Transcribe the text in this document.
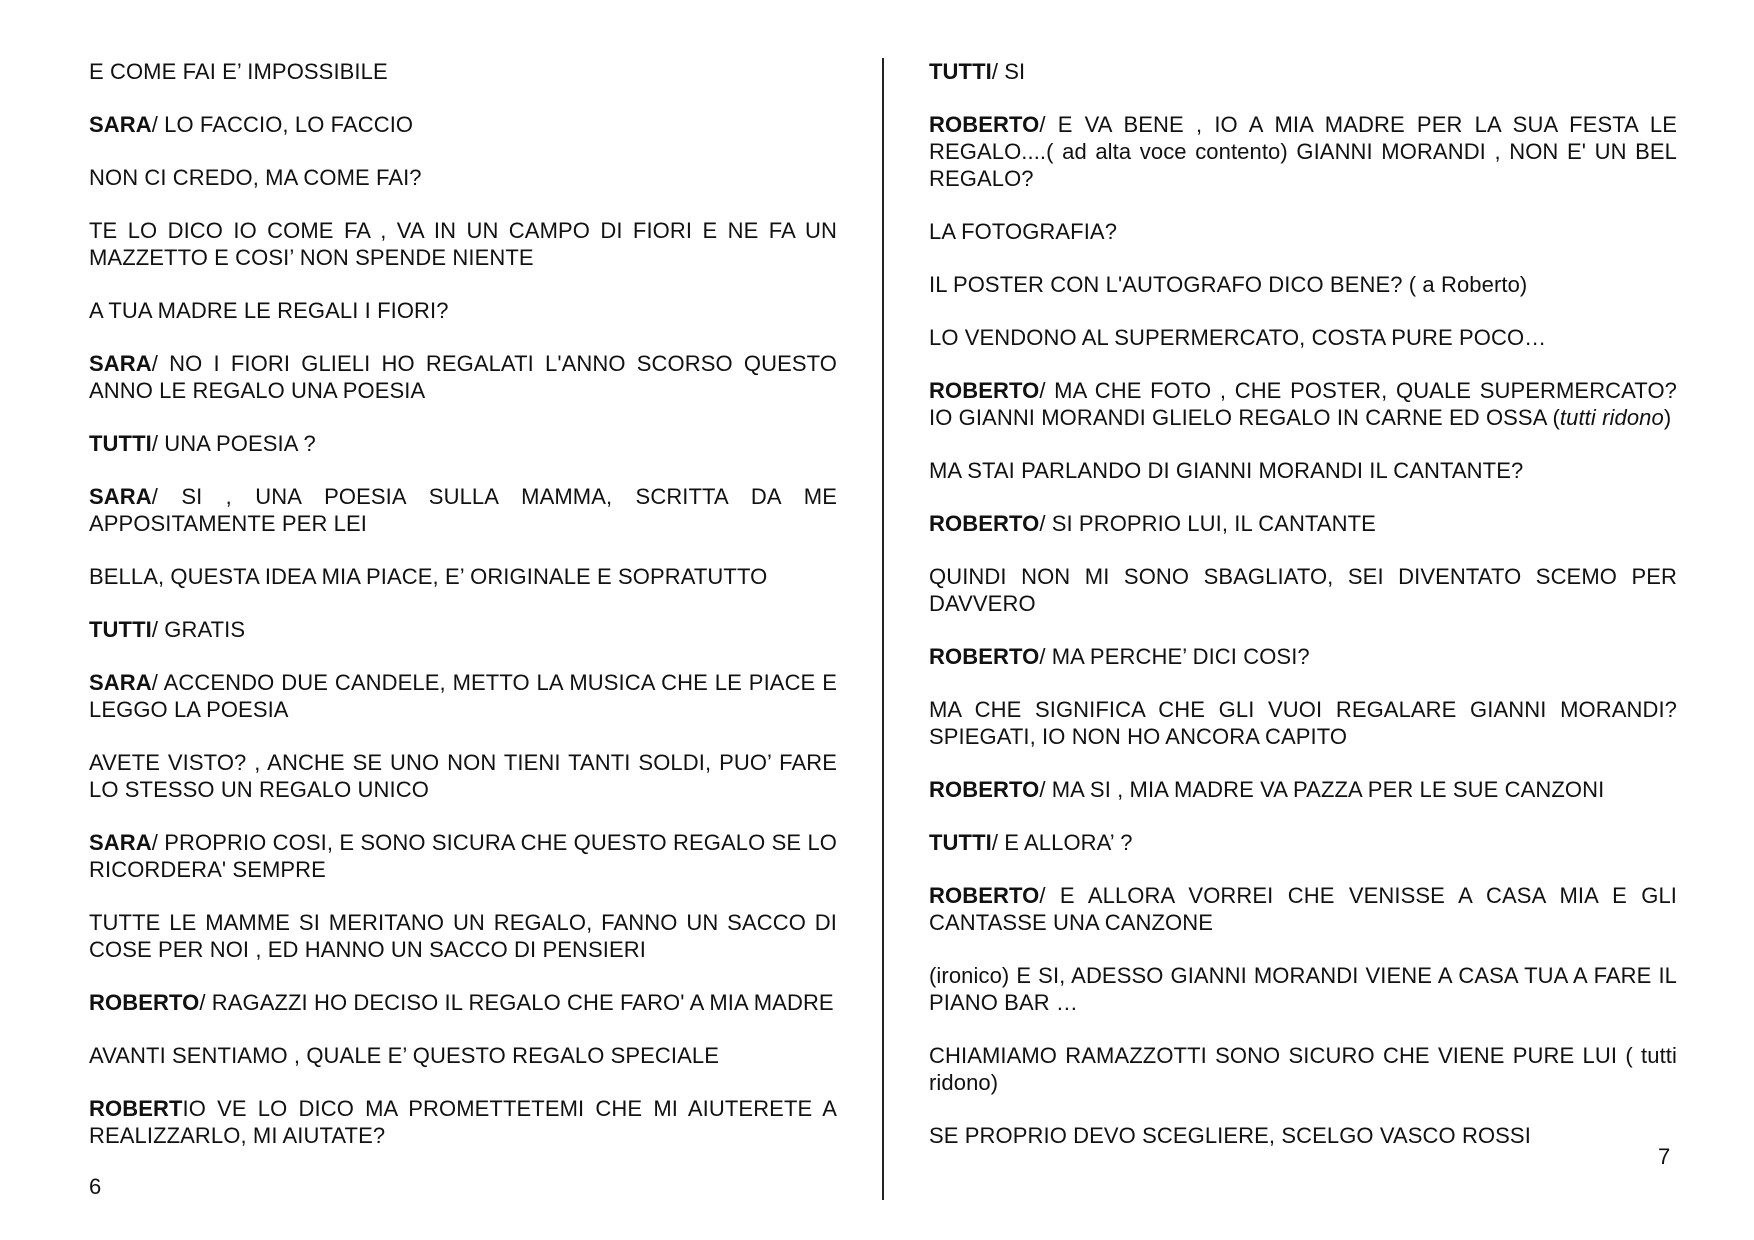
E COME FAI E’ IMPOSSIBILE

SARA/ LO FACCIO, LO FACCIO

NON CI CREDO, MA COME FAI?

TE LO DICO IO COME FA , VA IN UN CAMPO DI FIORI E NE FA UN MAZZETTO E COSI’ NON SPENDE NIENTE

A TUA MADRE LE REGALI I FIORI?

SARA/ NO I FIORI GLIELI HO REGALATI L'ANNO SCORSO QUESTO ANNO LE REGALO UNA POESIA

TUTTI/ UNA POESIA ?

SARA/ SI , UNA POESIA SULLA MAMMA, SCRITTA DA ME APPOSITAMENTE PER LEI

BELLA, QUESTA IDEA MIA PIACE, E’ ORIGINALE E SOPRATUTTO

TUTTI/ GRATIS

SARA/ ACCENDO DUE CANDELE, METTO LA MUSICA CHE LE PIACE E LEGGO LA POESIA

AVETE VISTO? , ANCHE SE UNO NON TIENI TANTI SOLDI, PUO’ FARE LO STESSO UN REGALO UNICO

SARA/ PROPRIO COSI, E SONO SICURA CHE QUESTO REGALO SE LO RICORDERA' SEMPRE

TUTTE LE MAMME SI MERITANO UN REGALO, FANNO UN SACCO DI COSE PER NOI , ED HANNO UN SACCO DI PENSIERI

ROBERTO/ RAGAZZI HO DECISO IL REGALO CHE FARO' A MIA MADRE

AVANTI SENTIAMO , QUALE E’ QUESTO REGALO SPECIALE

ROBERTIO VE LO DICO MA PROMETTETEMI CHE MI AIUTERETE A REALIZZARLO, MI AIUTATE?

6

TUTTI/ SI

ROBERTO/ E VA BENE , IO A MIA MADRE PER LA SUA FESTA LE REGALO....( ad alta voce contento) GIANNI MORANDI , NON E' UN BEL REGALO?

LA FOTOGRAFIA?

IL POSTER CON L'AUTOGRAFO DICO BENE? ( a Roberto)

LO VENDONO AL SUPERMERCATO, COSTA PURE POCO…

ROBERTO/ MA CHE FOTO , CHE POSTER, QUALE SUPERMERCATO? IO GIANNI MORANDI GLIELO REGALO IN CARNE ED OSSA (tutti ridono)

MA STAI PARLANDO DI GIANNI MORANDI IL CANTANTE?

ROBERTO/ SI PROPRIO LUI, IL CANTANTE

QUINDI NON MI SONO SBAGLIATO, SEI DIVENTATO SCEMO PER DAVVERO

ROBERTO/ MA PERCHE’ DICI COSI?

MA CHE SIGNIFICA CHE GLI VUOI REGALARE GIANNI MORANDI? SPIEGATI, IO NON HO ANCORA CAPITO

ROBERTO/ MA SI , MIA MADRE VA PAZZA PER LE SUE CANZONI

TUTTI/ E ALLORA’ ?

ROBERTO/ E ALLORA VORREI CHE VENISSE A CASA MIA E GLI CANTASSE UNA CANZONE

(ironico) E SI, ADESSO GIANNI MORANDI VIENE A CASA TUA A FARE IL PIANO BAR …

CHIAMIAMO RAMAZZOTTI SONO SICURO CHE VIENE PURE LUI ( tutti ridono)

SE PROPRIO DEVO SCEGLIERE, SCELGO VASCO ROSSI

7
